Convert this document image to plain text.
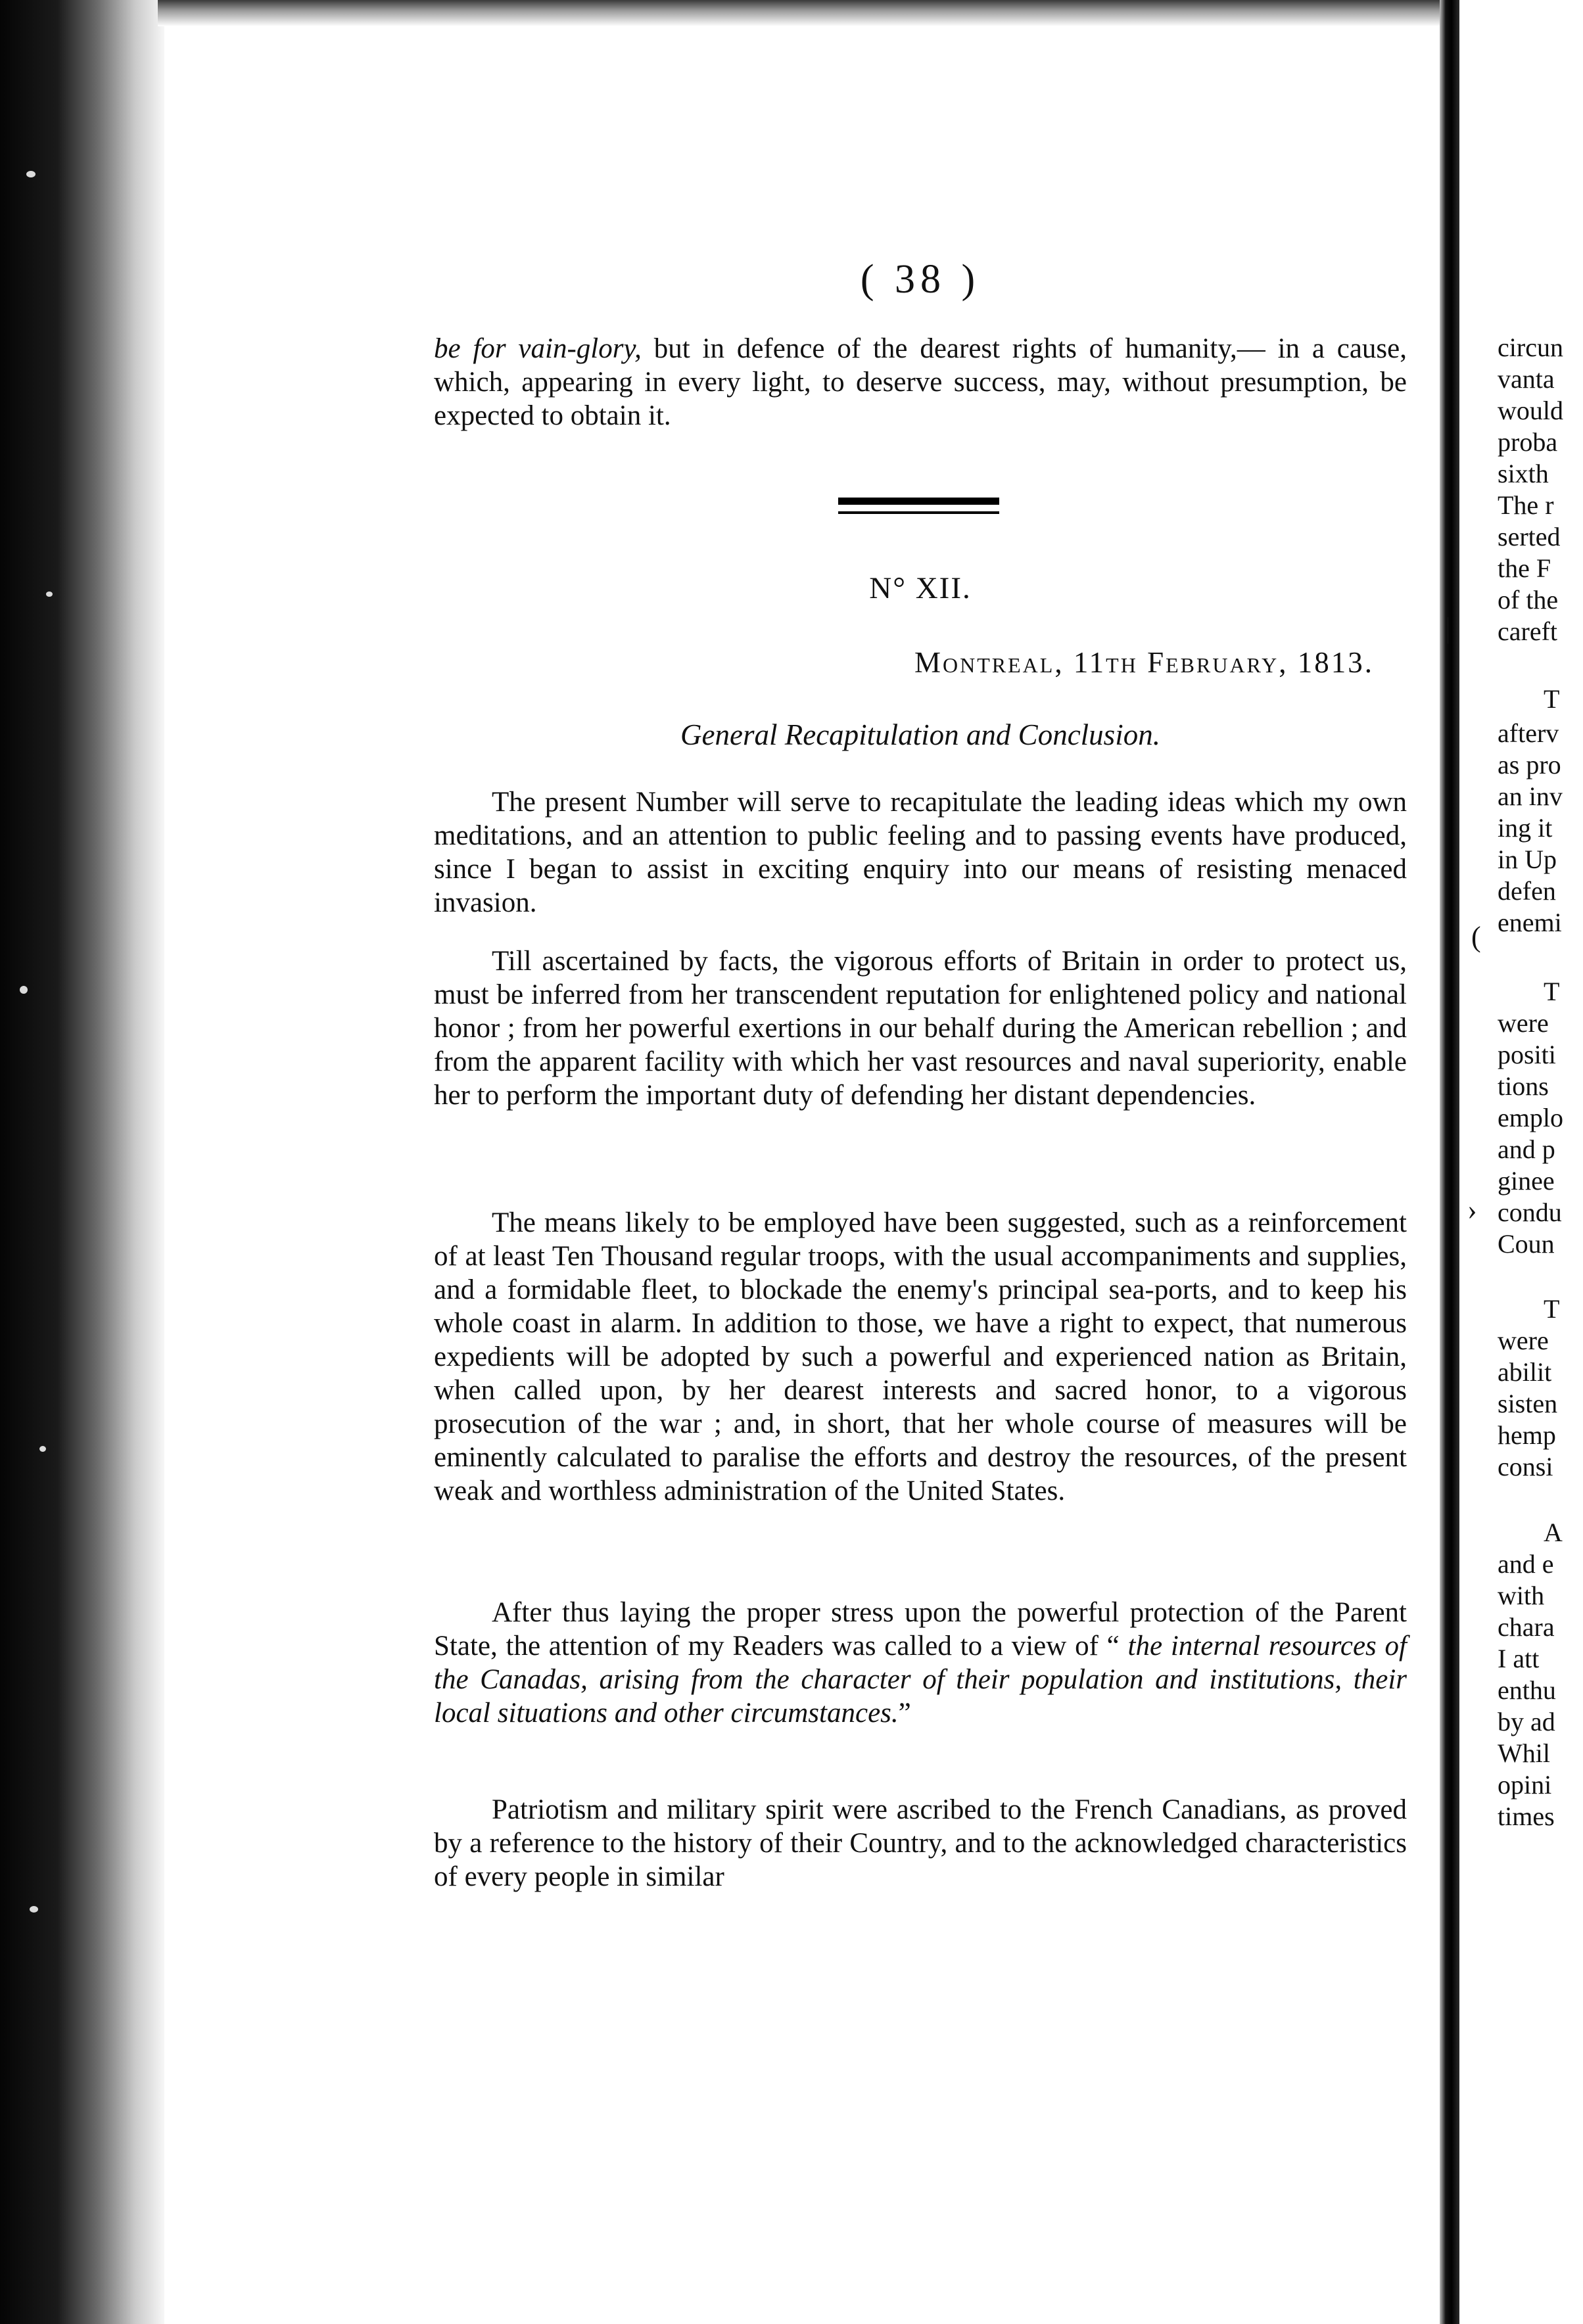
( 38 )

be for vain-glory, but in defence of the dearest rights of humanity,— in a cause, which, appearing in every light, to deserve success, may, without presumption, be expected to obtain it.

N° XII.
Montreal, 11th February, 1813.
General Recapitulation and Conclusion.

The present Number will serve to recapitulate the leading ideas which my own meditations, and an attention to public feeling and to passing events have produced, since I began to assist in exciting enquiry into our means of resisting menaced invasion.

Till ascertained by facts, the vigorous efforts of Britain in order to protect us, must be inferred from her transcendent reputation for enlightened policy and national honor ; from her powerful exertions in our behalf during the American rebellion ; and from the apparent facility with which her vast resources and naval superiority, enable her to perform the important duty of defending her distant dependencies.

The means likely to be employed have been suggested, such as a reinforcement of at least Ten Thousand regular troops, with the usual accompaniments and supplies, and a formidable fleet, to blockade the enemy's principal sea-ports, and to keep his whole coast in alarm. In addition to those, we have a right to expect, that numerous expedients will be adopted by such a powerful and experienced nation as Britain, when called upon, by her dearest interests and sacred honor, to a vigorous prosecution of the war ; and, in short, that her whole course of measures will be eminently calculated to paralise the efforts and destroy the resources, of the present weak and worthless administration of the United States.

After thus laying the proper stress upon the powerful protection of the Parent State, the attention of my Readers was called to a view of “ the internal resources of the Canadas, arising from the character of their population and institutions, their local situations and other circumstances.”

Patriotism and military spirit were ascribed to the French Canadians, as proved by a reference to the history of their Country, and to the acknowledged characteristics of every people in similar

|
(
›
circun
vanta
would
proba
sixth
The r
serted
the F
of the
careft
T
afterv
as pro
an inv
ing it
in Up
defen
enemi
T
were
positi
tions
emplo
and p
ginee
condu
Coun
T
were
abilit
sisten
hemp
consi
A
and e
with
chara
I att
enthu
by ad
Whil
opini
times
